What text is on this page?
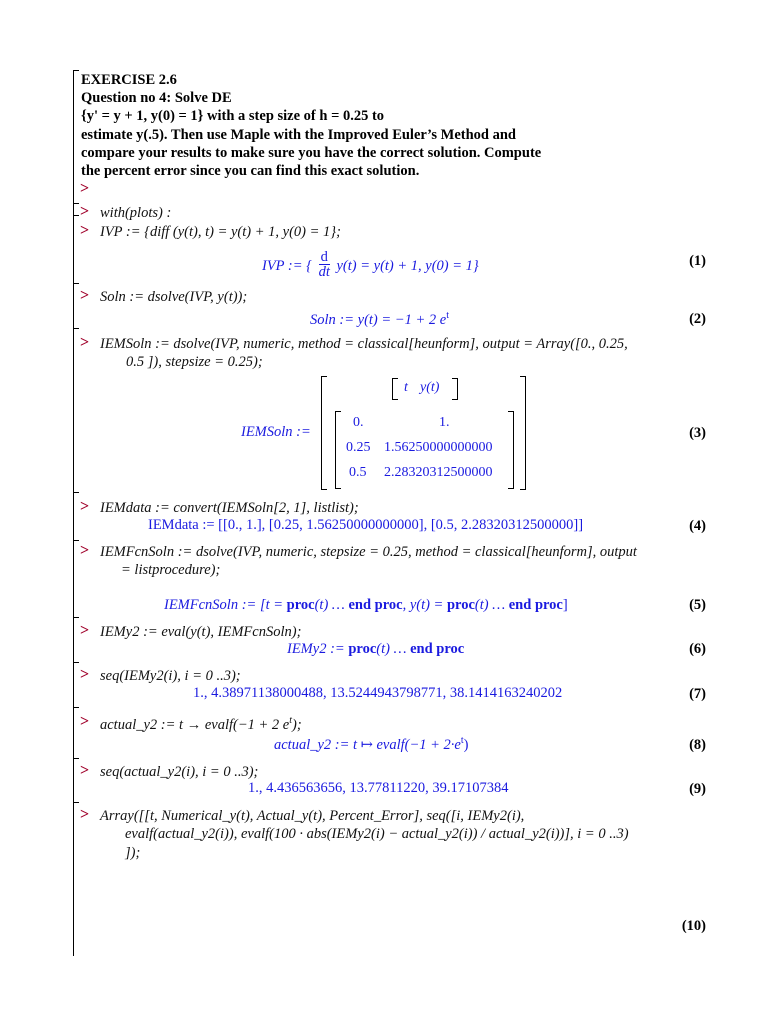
EXERCISE 2.6
Question no 4: Solve DE
{y' = y + 1, y(0) = 1} with a step size of h = 0.25 to
estimate y(.5). Then use Maple with the Improved Euler’s Method and
compare your results to make sure you have the correct solution. Compute
the percent error since you can find this exact solution.
>
> with(plots) :
> IVP := {diff (y(t), t) = y(t) + 1, y(0) = 1};
IVP := { $\frac{d}{dt} y(t) = y(t) + 1$, y(0) = 1}	(1)
> Soln := dsolve(IVP, y(t));
Soln := y(t) = −1 + 2 $e^t$	(2)
> IEMSoln := dsolve(IVP, numeric, method = classical[heunform], output = Array([0., 0.25,
0.5 ]), stepsize = 0.25);
IEMSoln :=
t y(t)
0.	1.
0.25 1.56250000000000
0.5 2.28320312500000
(3)
> IEMdata := convert(IEMSoln[2, 1], listlist);
IEMdata := [[0., 1.], [0.25, 1.56250000000000], [0.5, 2.28320312500000]]	(4)
> IEMFcnSoln := dsolve(IVP, numeric, stepsize = 0.25, method = classical[heunform], output
= listprocedure);
IEMFcnSoln := [t = proc(t) … end proc, y(t) = proc(t) … end proc]	(5)
> IEMy2 := eval(y(t), IEMFcnSoln);
IEMy2 := proc(t) … end proc	(6)
> seq(IEMy2(i), i = 0 ..3);
1., 4.38971138000488, 13.5244943798771, 38.1414163240202	(7)
> actual_y2 := t → evalf(−1 + 2 $e^t$);
actual_y2 := t ↦ evalf(−1 + $2\cdot e^t$)	(8)
> seq(actual_y2(i), i = 0 ..3);
1., 4.436563656, 13.77811220, 39.17107384	(9)
> Array([[t, Numerical_y(t), Actual_y(t), Percent_Error], seq([i, IEMy2(i),
evalf(actual_y2(i)), evalf(100 · abs(IEMy2(i) − actual_y2(i)) / actual_y2(i))], i = 0 ..3)
]);
(10)
